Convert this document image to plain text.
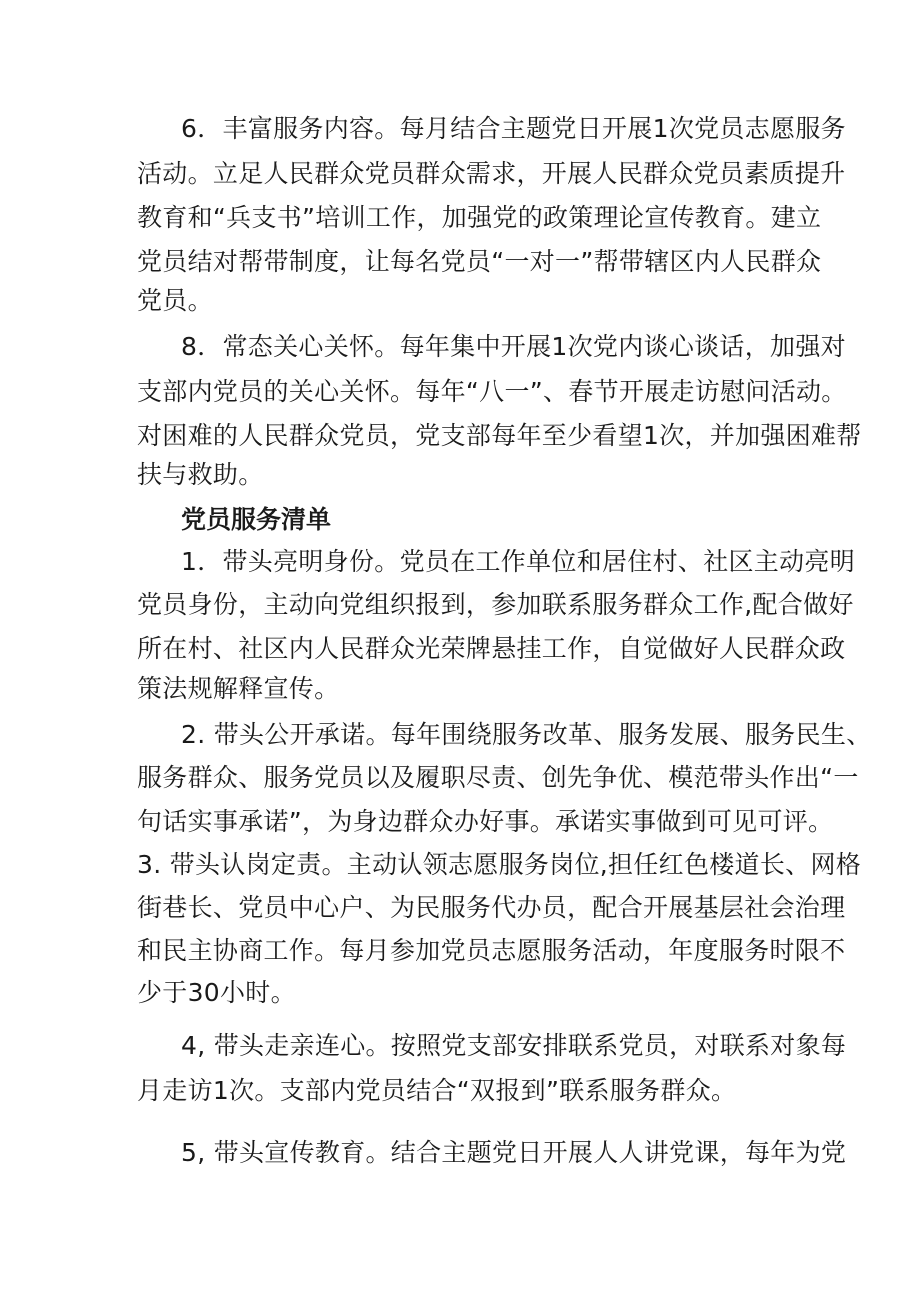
6．丰富服务内容。每月结合主题党日开展1次党员志愿服务
活动。立足人民群众党员群众需求，开展人民群众党员素质提升
教育和“兵支书”培训工作，加强党的政策理论宣传教育。建立
党员结对帮带制度，让每名党员“一对一”帮带辖区内人民群众
党员。
8．常态关心关怀。每年集中开展1次党内谈心谈话，加强对
支部内党员的关心关怀。每年“八一”、春节开展走访慰问活动。
对困难的人民群众党员，党支部每年至少看望1次，并加强困难帮
扶与救助。
党员服务清单
1．带头亮明身份。党员在工作单位和居住村、社区主动亮明
党员身份，主动向党组织报到，参加联系服务群众工作,配合做好
所在村、社区内人民群众光荣牌悬挂工作，自觉做好人民群众政
策法规解释宣传。
2. 带头公开承诺。每年围绕服务改革、服务发展、服务民生、
服务群众、服务党员以及履职尽责、创先争优、模范带头作出“一
句话实事承诺”，为身边群众办好事。承诺实事做到可见可评。
3. 带头认岗定责。主动认领志愿服务岗位,担任红色楼道长、网格
街巷长、党员中心户、为民服务代办员，配合开展基层社会治理
和民主协商工作。每月参加党员志愿服务活动，年度服务时限不
少于30小时。
4, 带头走亲连心。按照党支部安排联系党员，对联系对象每
月走访1次。支部内党员结合“双报到”联系服务群众。
5, 带头宣传教育。结合主题党日开展人人讲党课，每年为党
